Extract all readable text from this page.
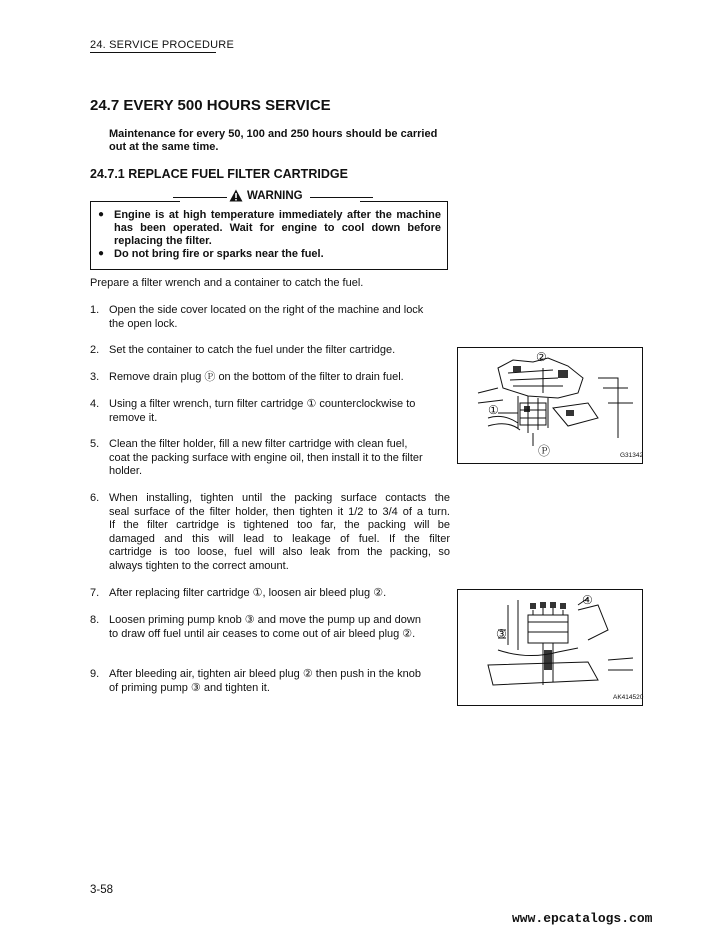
24. SERVICE PROCEDURE
24.7 EVERY 500 HOURS SERVICE
Maintenance for every 50, 100 and 250 hours should be carried
out at the same time.
24.7.1 REPLACE FUEL FILTER CARTRIDGE
WARNING
● Engine is at high temperature immediately after the machine
has been operated. Wait for engine to cool down before
replacing the filter.
● Do not bring fire or sparks near the fuel.
Prepare a filter wrench and a container to catch the fuel.
1. Open the side cover located on the right of the machine and lock
the open lock.
2. Set the container to catch the fuel under the filter cartridge.
3. Remove drain plug Ⓟ on the bottom of the filter to drain fuel.
4. Using a filter wrench, turn filter cartridge ① counterclockwise to
remove it.
5. Clean the filter holder, fill a new filter cartridge with clean fuel,
coat the packing surface with engine oil, then install it to the filter
holder.
6. When installing, tighten until the packing surface contacts the
seal surface of the filter holder, then tighten it 1/2 to 3/4 of a turn.
If the filter cartridge is tightened too far, the packing will be
damaged and this will lead to leakage of fuel. If the filter
cartridge is too loose, fuel will also leak from the packing, so
always tighten to the correct amount.
7. After replacing filter cartridge ①, loosen air bleed plug ②.
8. Loosen priming pump knob ③ and move the pump up and down
to draw off fuel until air ceases to come out of air bleed plug ②.
9. After bleeding air, tighten air bleed plug ② then push in the knob
of priming pump ③ and tighten it.
②
①
Ⓟ	G31342
④
③
AK414520
3-58
www.epcatalogs.com
